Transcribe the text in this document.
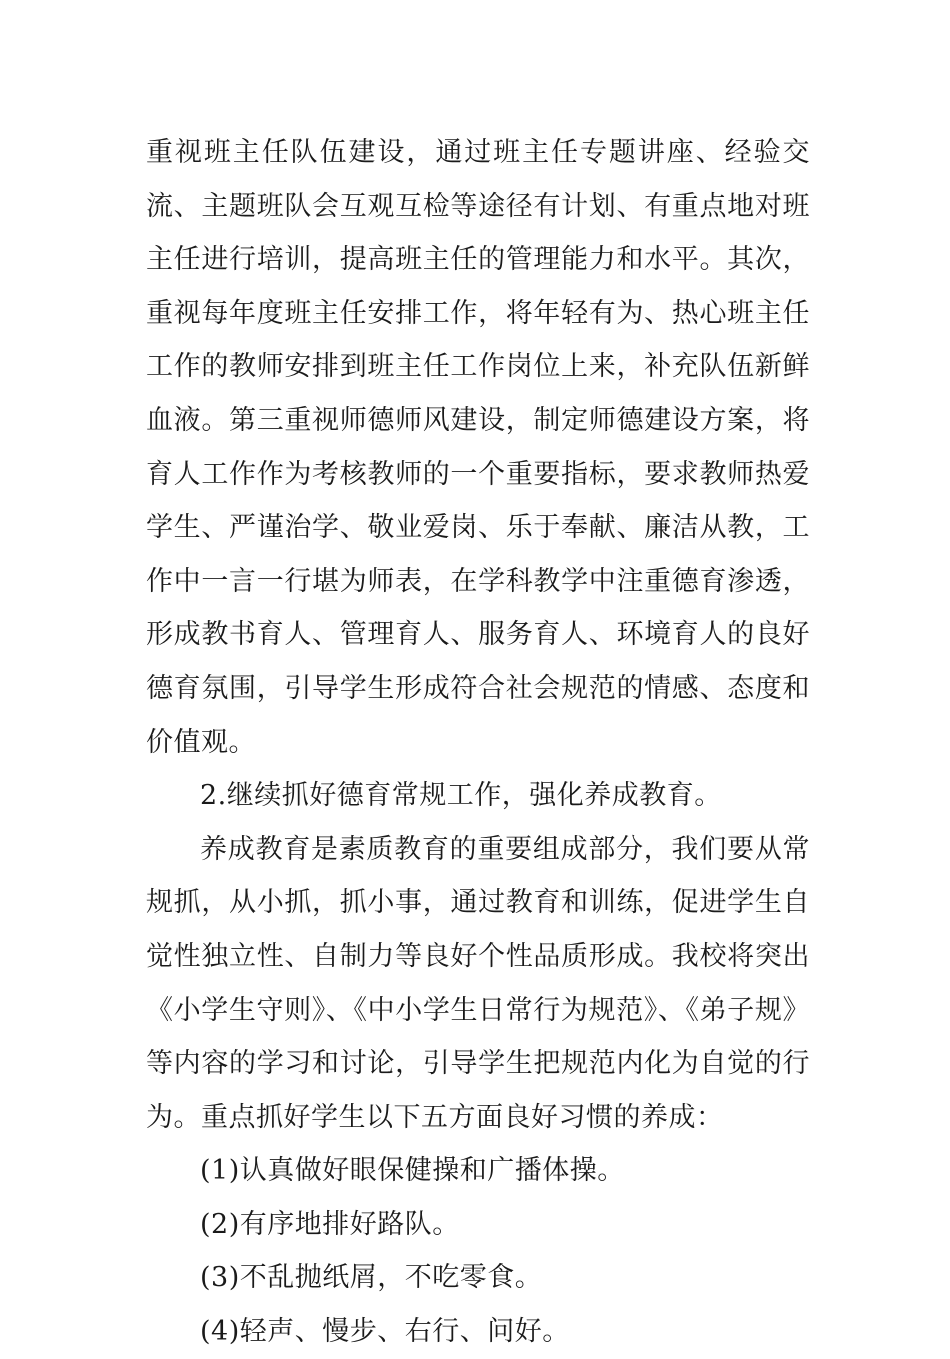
重视班主任队伍建设，通过班主任专题讲座、经验交流、主题班队会互观互检等途径有计划、有重点地对班主任进行培训，提高班主任的管理能力和水平。其次，重视每年度班主任安排工作，将年轻有为、热心班主任工作的教师安排到班主任工作岗位上来，补充队伍新鲜血液。第三重视师德师风建设，制定师德建设方案，将育人工作作为考核教师的一个重要指标，要求教师热爱学生、严谨治学、敬业爱岗、乐于奉献、廉洁从教，工作中一言一行堪为师表，在学科教学中注重德育渗透，形成教书育人、管理育人、服务育人、环境育人的良好德育氛围，引导学生形成符合社会规范的情感、态度和价值观。

2.继续抓好德育常规工作，强化养成教育。

养成教育是素质教育的重要组成部分，我们要从常规抓，从小抓，抓小事，通过教育和训练，促进学生自觉性独立性、自制力等良好个性品质形成。我校将突出《小学生守则》、《中小学生日常行为规范》、《弟子规》等内容的学习和讨论，引导学生把规范内化为自觉的行为。重点抓好学生以下五方面良好习惯的养成：

(1)认真做好眼保健操和广播体操。

(2)有序地排好路队。

(3)不乱抛纸屑，不吃零食。

(4)轻声、慢步、右行、问好。
